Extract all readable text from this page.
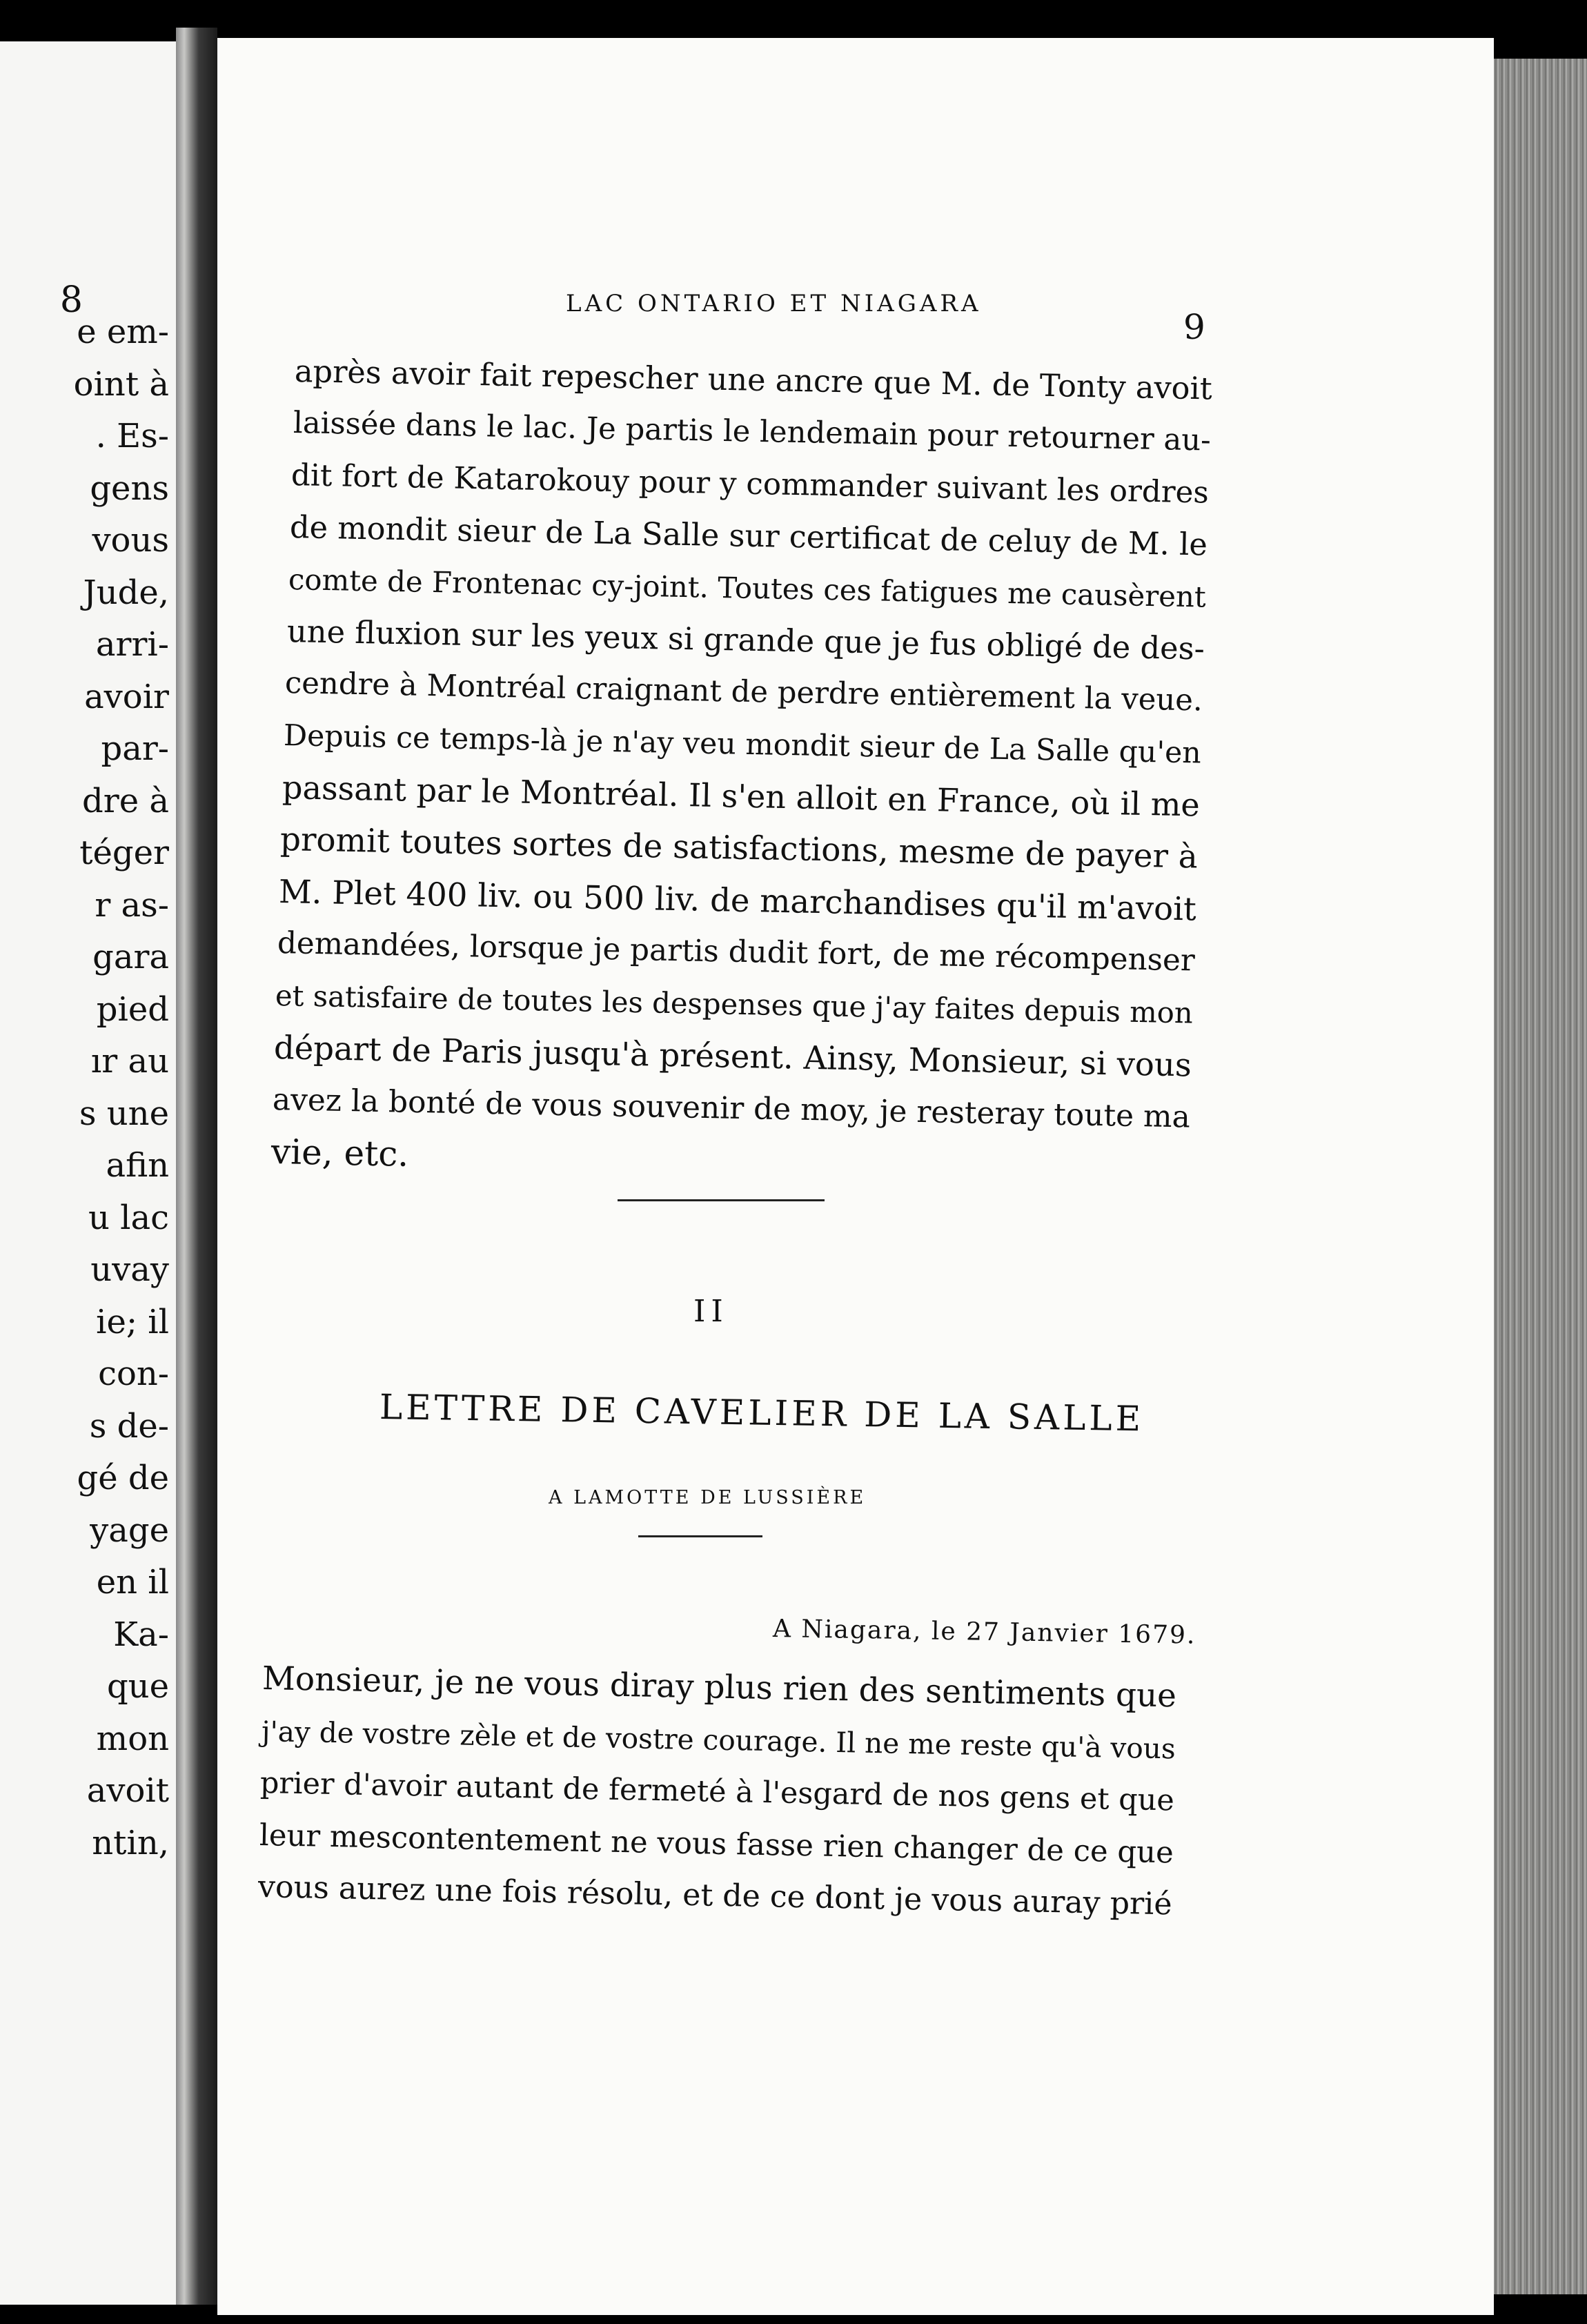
8
e em-
oint à
. Es-
gens
vous
Jude,
arri-
avoir
par-
dre à
téger
r as-
gara
pied
ır au
s une
afin
u lac
uvay
ie; il
con-
s de-
gé de
yage
en il
Ka-
que
mon
avoit
ntin,
LAC ONTARIO ET NIAGARA
9
après avoir fait repescher une ancre que M. de Tonty avoit
laissée dans le lac. Je partis le lendemain pour retourner au-
dit fort de Katarokouy pour y commander suivant les ordres
de mondit sieur de La Salle sur certificat de celuy de M. le
comte de Frontenac cy-joint. Toutes ces fatigues me causèrent
une fluxion sur les yeux si grande que je fus obligé de des-
cendre à Montréal craignant de perdre entièrement la veue.
Depuis ce temps-là je n'ay veu mondit sieur de La Salle qu'en
passant par le Montréal. Il s'en alloit en France, où il me
promit toutes sortes de satisfactions, mesme de payer à
M. Plet 400 liv. ou 500 liv. de marchandises qu'il m'avoit
demandées, lorsque je partis dudit fort, de me récompenser
et satisfaire de toutes les despenses que j'ay faites depuis mon
départ de Paris jusqu'à présent. Ainsy, Monsieur, si vous
avez la bonté de vous souvenir de moy, je resteray toute ma
vie, etc.
II
LETTRE DE CAVELIER DE LA SALLE
A LAMOTTE DE LUSSIÈRE
A Niagara, le 27 Janvier 1679.
Monsieur, je ne vous diray plus rien des sentiments que
j'ay de vostre zèle et de vostre courage. Il ne me reste qu'à vous
prier d'avoir autant de fermeté à l'esgard de nos gens et que
leur mescontentement ne vous fasse rien changer de ce que
vous aurez une fois résolu, et de ce dont je vous auray prié
